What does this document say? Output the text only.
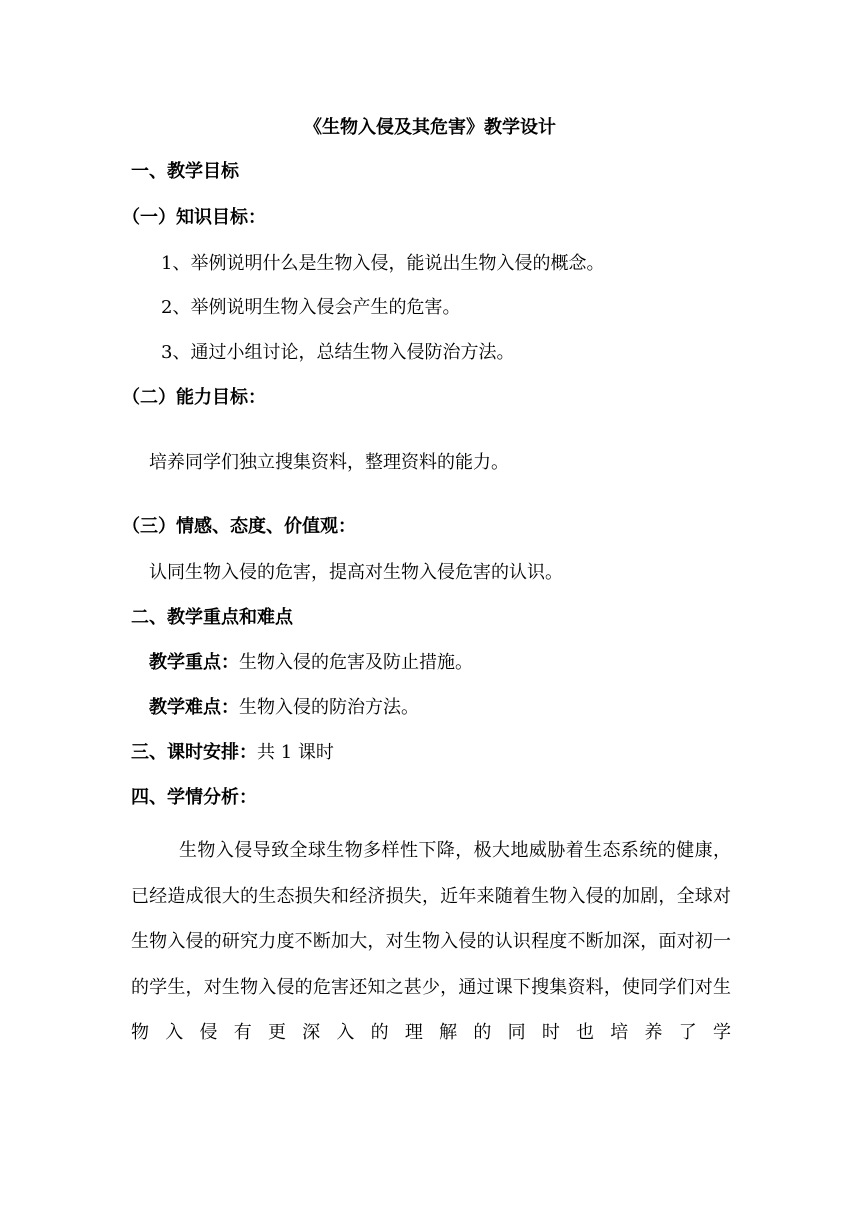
《生物入侵及其危害》教学设计
一、教学目标
（一）知识目标：
1、举例说明什么是生物入侵，能说出生物入侵的概念。
2、举例说明生物入侵会产生的危害。
3、通过小组讨论，总结生物入侵防治方法。
（二）能力目标：
培养同学们独立搜集资料，整理资料的能力。
（三）情感、态度、价值观：
认同生物入侵的危害，提高对生物入侵危害的认识。
二、教学重点和难点
教学重点：生物入侵的危害及防止措施。
教学难点：生物入侵的防治方法。
三、课时安排：共 1 课时
四、学情分析：
生物入侵导致全球生物多样性下降，极大地威胁着生态系统的健康，已经造成很大的生态损失和经济损失，近年来随着生物入侵的加剧，全球对生物入侵的研究力度不断加大，对生物入侵的认识程度不断加深，面对初一的学生，对生物入侵的危害还知之甚少，通过课下搜集资料，使同学们对生物入侵有更深入的理解的同时也培养了学
